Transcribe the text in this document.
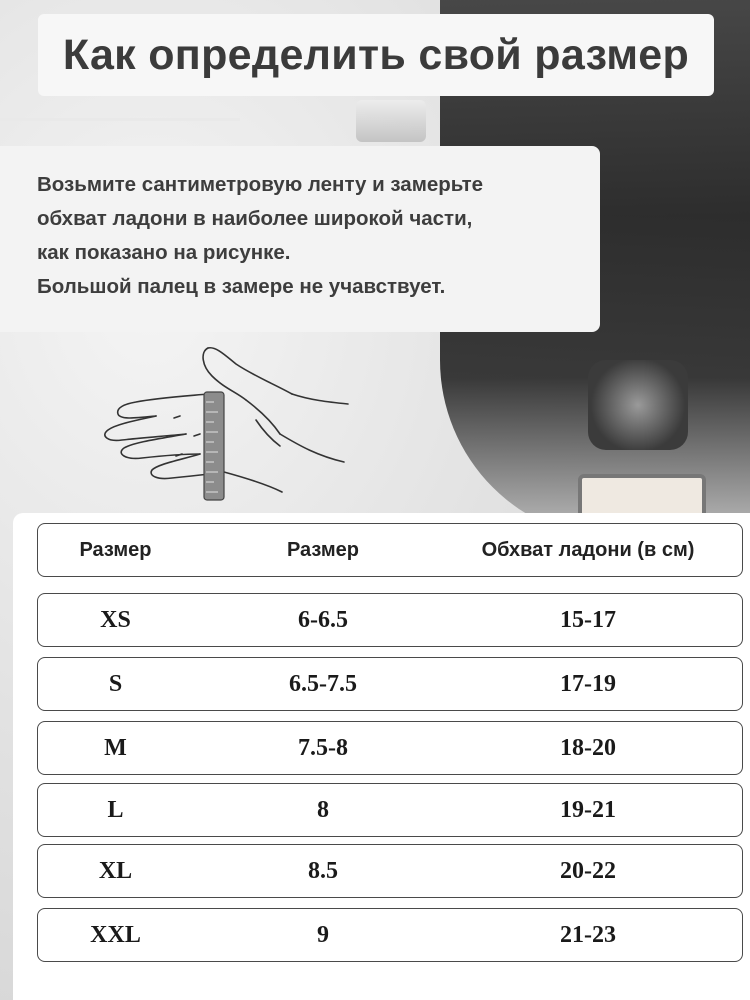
Как определить свой размер
Возьмите сантиметровую ленту и замерьте
обхват ладони в наиболее широкой части,
как показано на рисунке.
Большой палец в замере не учавствует.
Размер	Размер	Обхват ладони (в см)
XS	6-6.5	15-17
S	6.5-7.5	17-19
M	7.5-8	18-20
L	8	19-21
XL	8.5	20-22
XXL	9	21-23
